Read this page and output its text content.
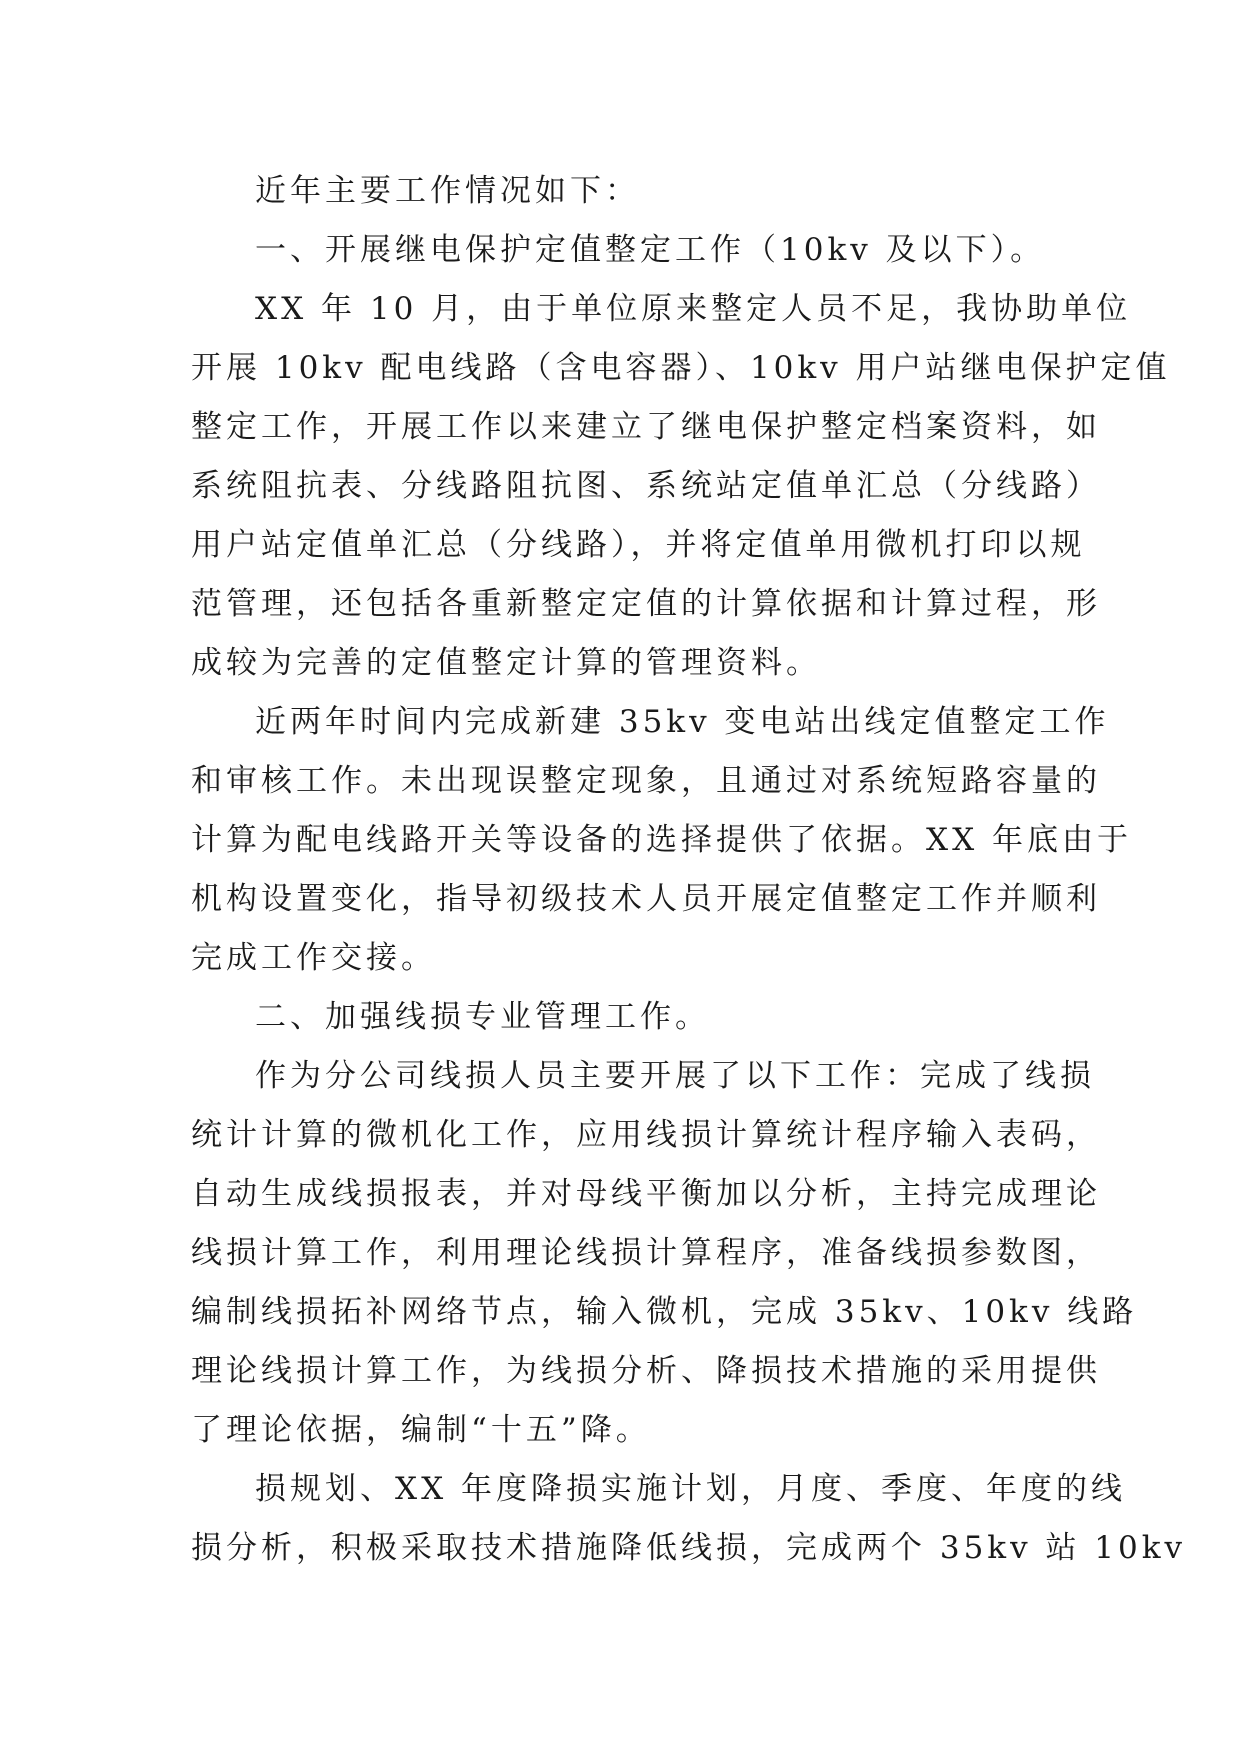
近年主要工作情况如下：
一、开展继电保护定值整定工作（10kv 及以下）。
XX 年 10 月，由于单位原来整定人员不足，我协助单位
开展 10kv 配电线路（含电容器）、10kv 用户站继电保护定值
整定工作，开展工作以来建立了继电保护整定档案资料，如
系统阻抗表、分线路阻抗图、系统站定值单汇总（分线路）
用户站定值单汇总（分线路），并将定值单用微机打印以规
范管理，还包括各重新整定定值的计算依据和计算过程，形
成较为完善的定值整定计算的管理资料。
近两年时间内完成新建 35kv 变电站出线定值整定工作
和审核工作。未出现误整定现象，且通过对系统短路容量的
计算为配电线路开关等设备的选择提供了依据。XX 年底由于
机构设置变化，指导初级技术人员开展定值整定工作并顺利
完成工作交接。
二、加强线损专业管理工作。
作为分公司线损人员主要开展了以下工作：完成了线损
统计计算的微机化工作，应用线损计算统计程序输入表码，
自动生成线损报表，并对母线平衡加以分析，主持完成理论
线损计算工作，利用理论线损计算程序，准备线损参数图，
编制线损拓补网络节点，输入微机，完成 35kv、10kv 线路
理论线损计算工作，为线损分析、降损技术措施的采用提供
了理论依据，编制“十五”降。
损规划、XX 年度降损实施计划，月度、季度、年度的线
损分析，积极采取技术措施降低线损，完成两个 35kv 站 10kv
